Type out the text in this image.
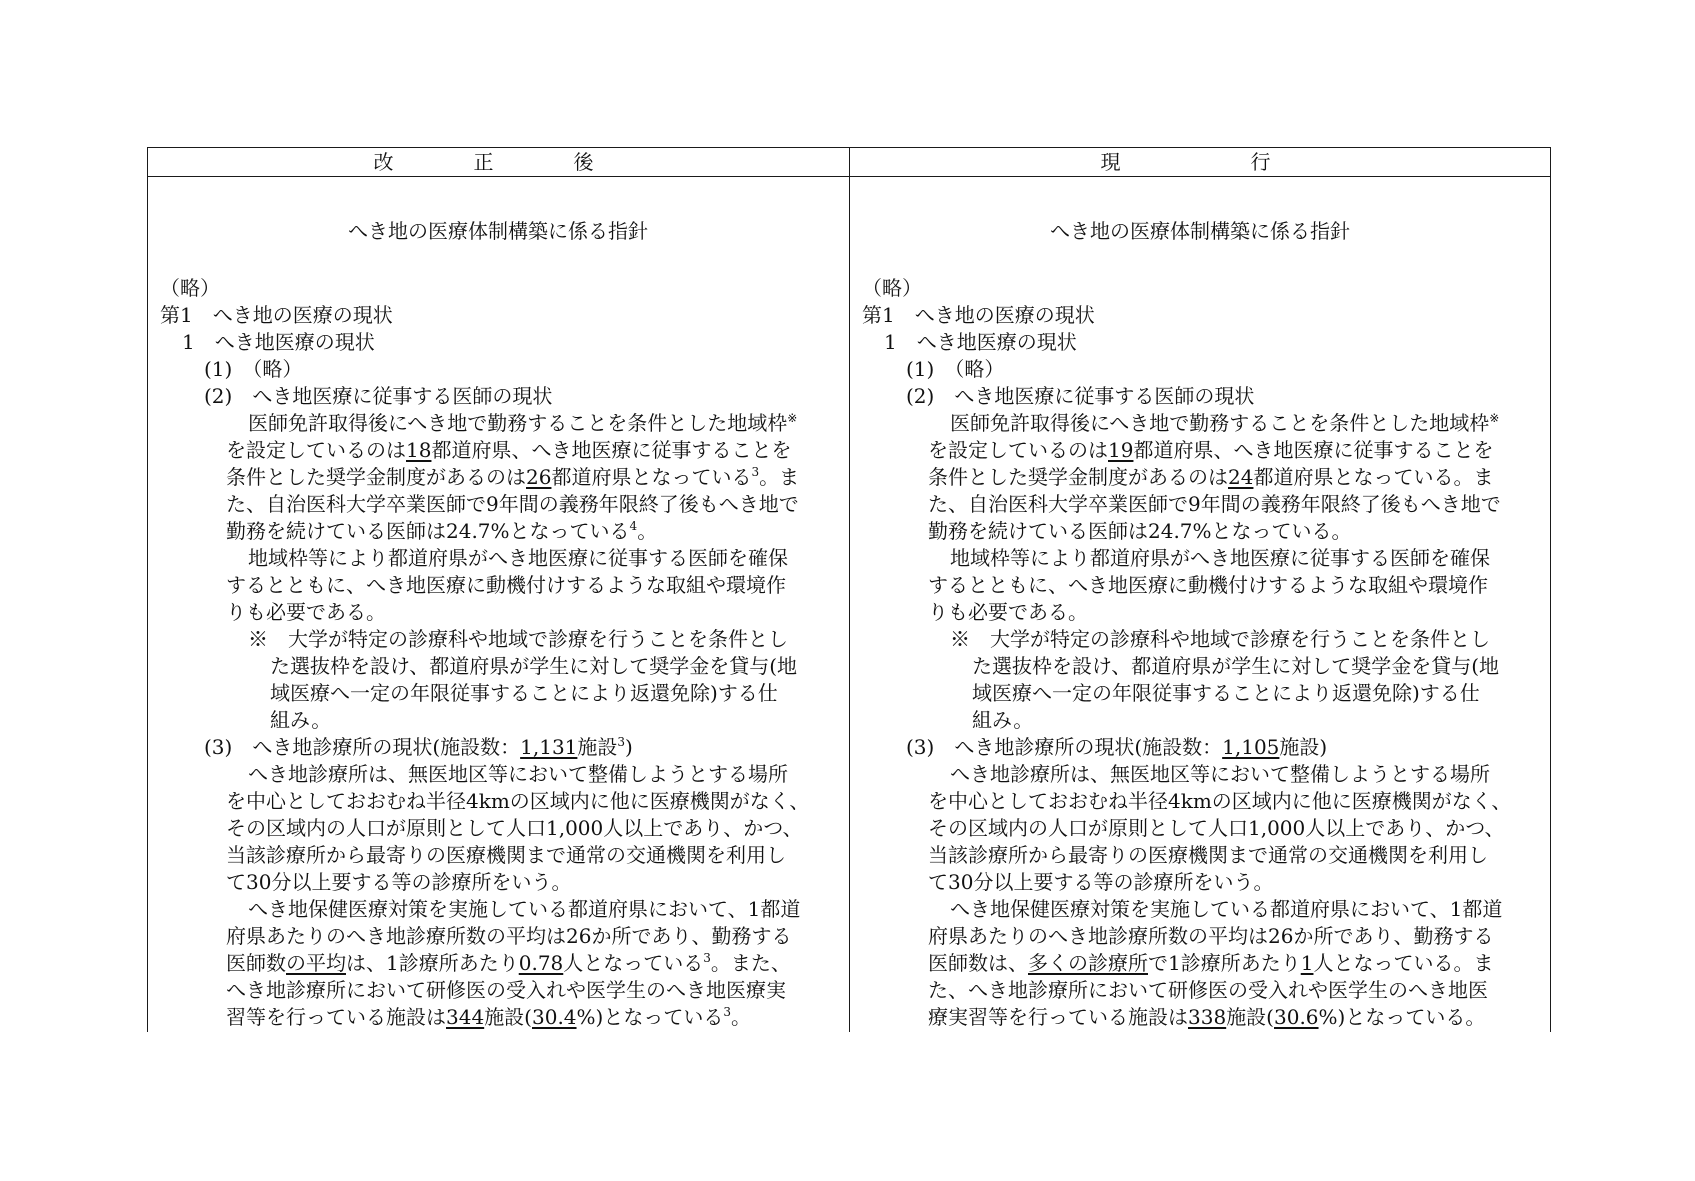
改　正　後	現　　行
へき地の医療体制構築に係る指針
（略）
第1　へき地の医療の現状
1　へき地医療の現状
(1)　（略）
(2)　へき地医療に従事する医師の現状
医師免許取得後にへき地で勤務することを条件とした地域枠※
を設定しているのは18都道府県、へき地医療に従事することを
条件とした奨学金制度があるのは26都道府県となっている$^3$。ま
た、自治医科大学卒業医師で9年間の義務年限終了後もへき地で
勤務を続けている医師は24.7%となっている$^4$。
地域枠等により都道府県がへき地医療に従事する医師を確保
するとともに、へき地医療に動機付けするような取組や環境作
りも必要である。
※　大学が特定の診療科や地域で診療を行うことを条件とし
た選抜枠を設け、都道府県が学生に対して奨学金を貸与(地
域医療へ一定の年限従事することにより返還免除)する仕
組み。
(3)　へき地診療所の現状(施設数：1,131施設$^3$)
へき地診療所は、無医地区等において整備しようとする場所
を中心としておおむね半径4kmの区域内に他に医療機関がなく、
その区域内の人口が原則として人口1,000人以上であり、かつ、
当該診療所から最寄りの医療機関まで通常の交通機関を利用し
て30分以上要する等の診療所をいう。
へき地保健医療対策を実施している都道府県において、1都道
府県あたりのへき地診療所数の平均は26か所であり、勤務する
医師数の平均は、1診療所あたり0.78人となっている$^3$。また、
へき地診療所において研修医の受入れや医学生のへき地医療実
習等を行っている施設は344施設(30.4%)となっている$^3$。
へき地の医療体制構築に係る指針
（略）
第1　へき地の医療の現状
1　へき地医療の現状
(1)　（略）
(2)　へき地医療に従事する医師の現状
医師免許取得後にへき地で勤務することを条件とした地域枠※
を設定しているのは19都道府県、へき地医療に従事することを
条件とした奨学金制度があるのは24都道府県となっている。ま
た、自治医科大学卒業医師で9年間の義務年限終了後もへき地で
勤務を続けている医師は24.7%となっている。
地域枠等により都道府県がへき地医療に従事する医師を確保
するとともに、へき地医療に動機付けするような取組や環境作
りも必要である。
※　大学が特定の診療科や地域で診療を行うことを条件とし
た選抜枠を設け、都道府県が学生に対して奨学金を貸与(地
域医療へ一定の年限従事することにより返還免除)する仕
組み。
(3)　へき地診療所の現状(施設数：1,105施設)
へき地診療所は、無医地区等において整備しようとする場所
を中心としておおむね半径4kmの区域内に他に医療機関がなく、
その区域内の人口が原則として人口1,000人以上であり、かつ、
当該診療所から最寄りの医療機関まで通常の交通機関を利用し
て30分以上要する等の診療所をいう。
へき地保健医療対策を実施している都道府県において、1都道
府県あたりのへき地診療所数の平均は26か所であり、勤務する
医師数は、多くの診療所で1診療所あたり1人となっている。ま
た、へき地診療所において研修医の受入れや医学生のへき地医
療実習等を行っている施設は338施設(30.6%)となっている。
